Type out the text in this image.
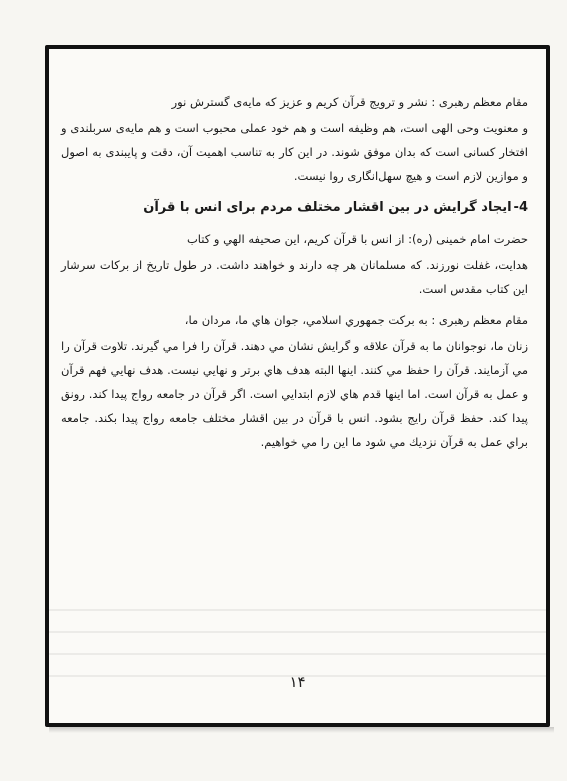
مقام معظم رهبری : نشر و ترویج قرآن کریم و عزیز که مایه‌ی گسترش نور

و معنویت وحی الهی است، هم وظیفه است و هم خود عملی محبوب است و هم مایه‌ی سربلندی و افتخار کسانی است که بدان موفق شوند. در این کار به تناسب اهمیت آن، دقت و پایبندی به اصول و موازین لازم است و هیچ سهل‌انگاری روا نیست.

4-ایجاد گرایش در بین اقشار مختلف مردم برای انس با قرآن

حضرت امام خمینی (ره): از انس با قرآن کریم، این صحیفه الهي و کتاب

هدایت، غفلت نورزند. که مسلمانان هر چه دارند و خواهند داشت. در طول تاریخ از برکات سرشار این کتاب مقدس است.

مقام معظم رهبری : به برکت جمهوري اسلامي، جوان هاي ما، مردان ما،

زنان ما، نوجوانان ما به قرآن علاقه و گرایش نشان مي دهند. قرآن را فرا مي گیرند. تلاوت قرآن را مي آزمایند. قرآن را حفظ مي کنند. اینها البته هدف هاي برتر و نهایي نیست. هدف نهایي فهم قرآن و عمل به قرآن است. اما اینها قدم هاي لازم ابتدایي است. اگر قرآن در جامعه رواج پیدا کند. رونق پیدا کند. حفظ قرآن رایج بشود. انس با قرآن در بین اقشار مختلف جامعه رواج پیدا بکند. جامعه براي عمل به قرآن نزدیك مي شود ما این را مي خواهیم.

۱۴
